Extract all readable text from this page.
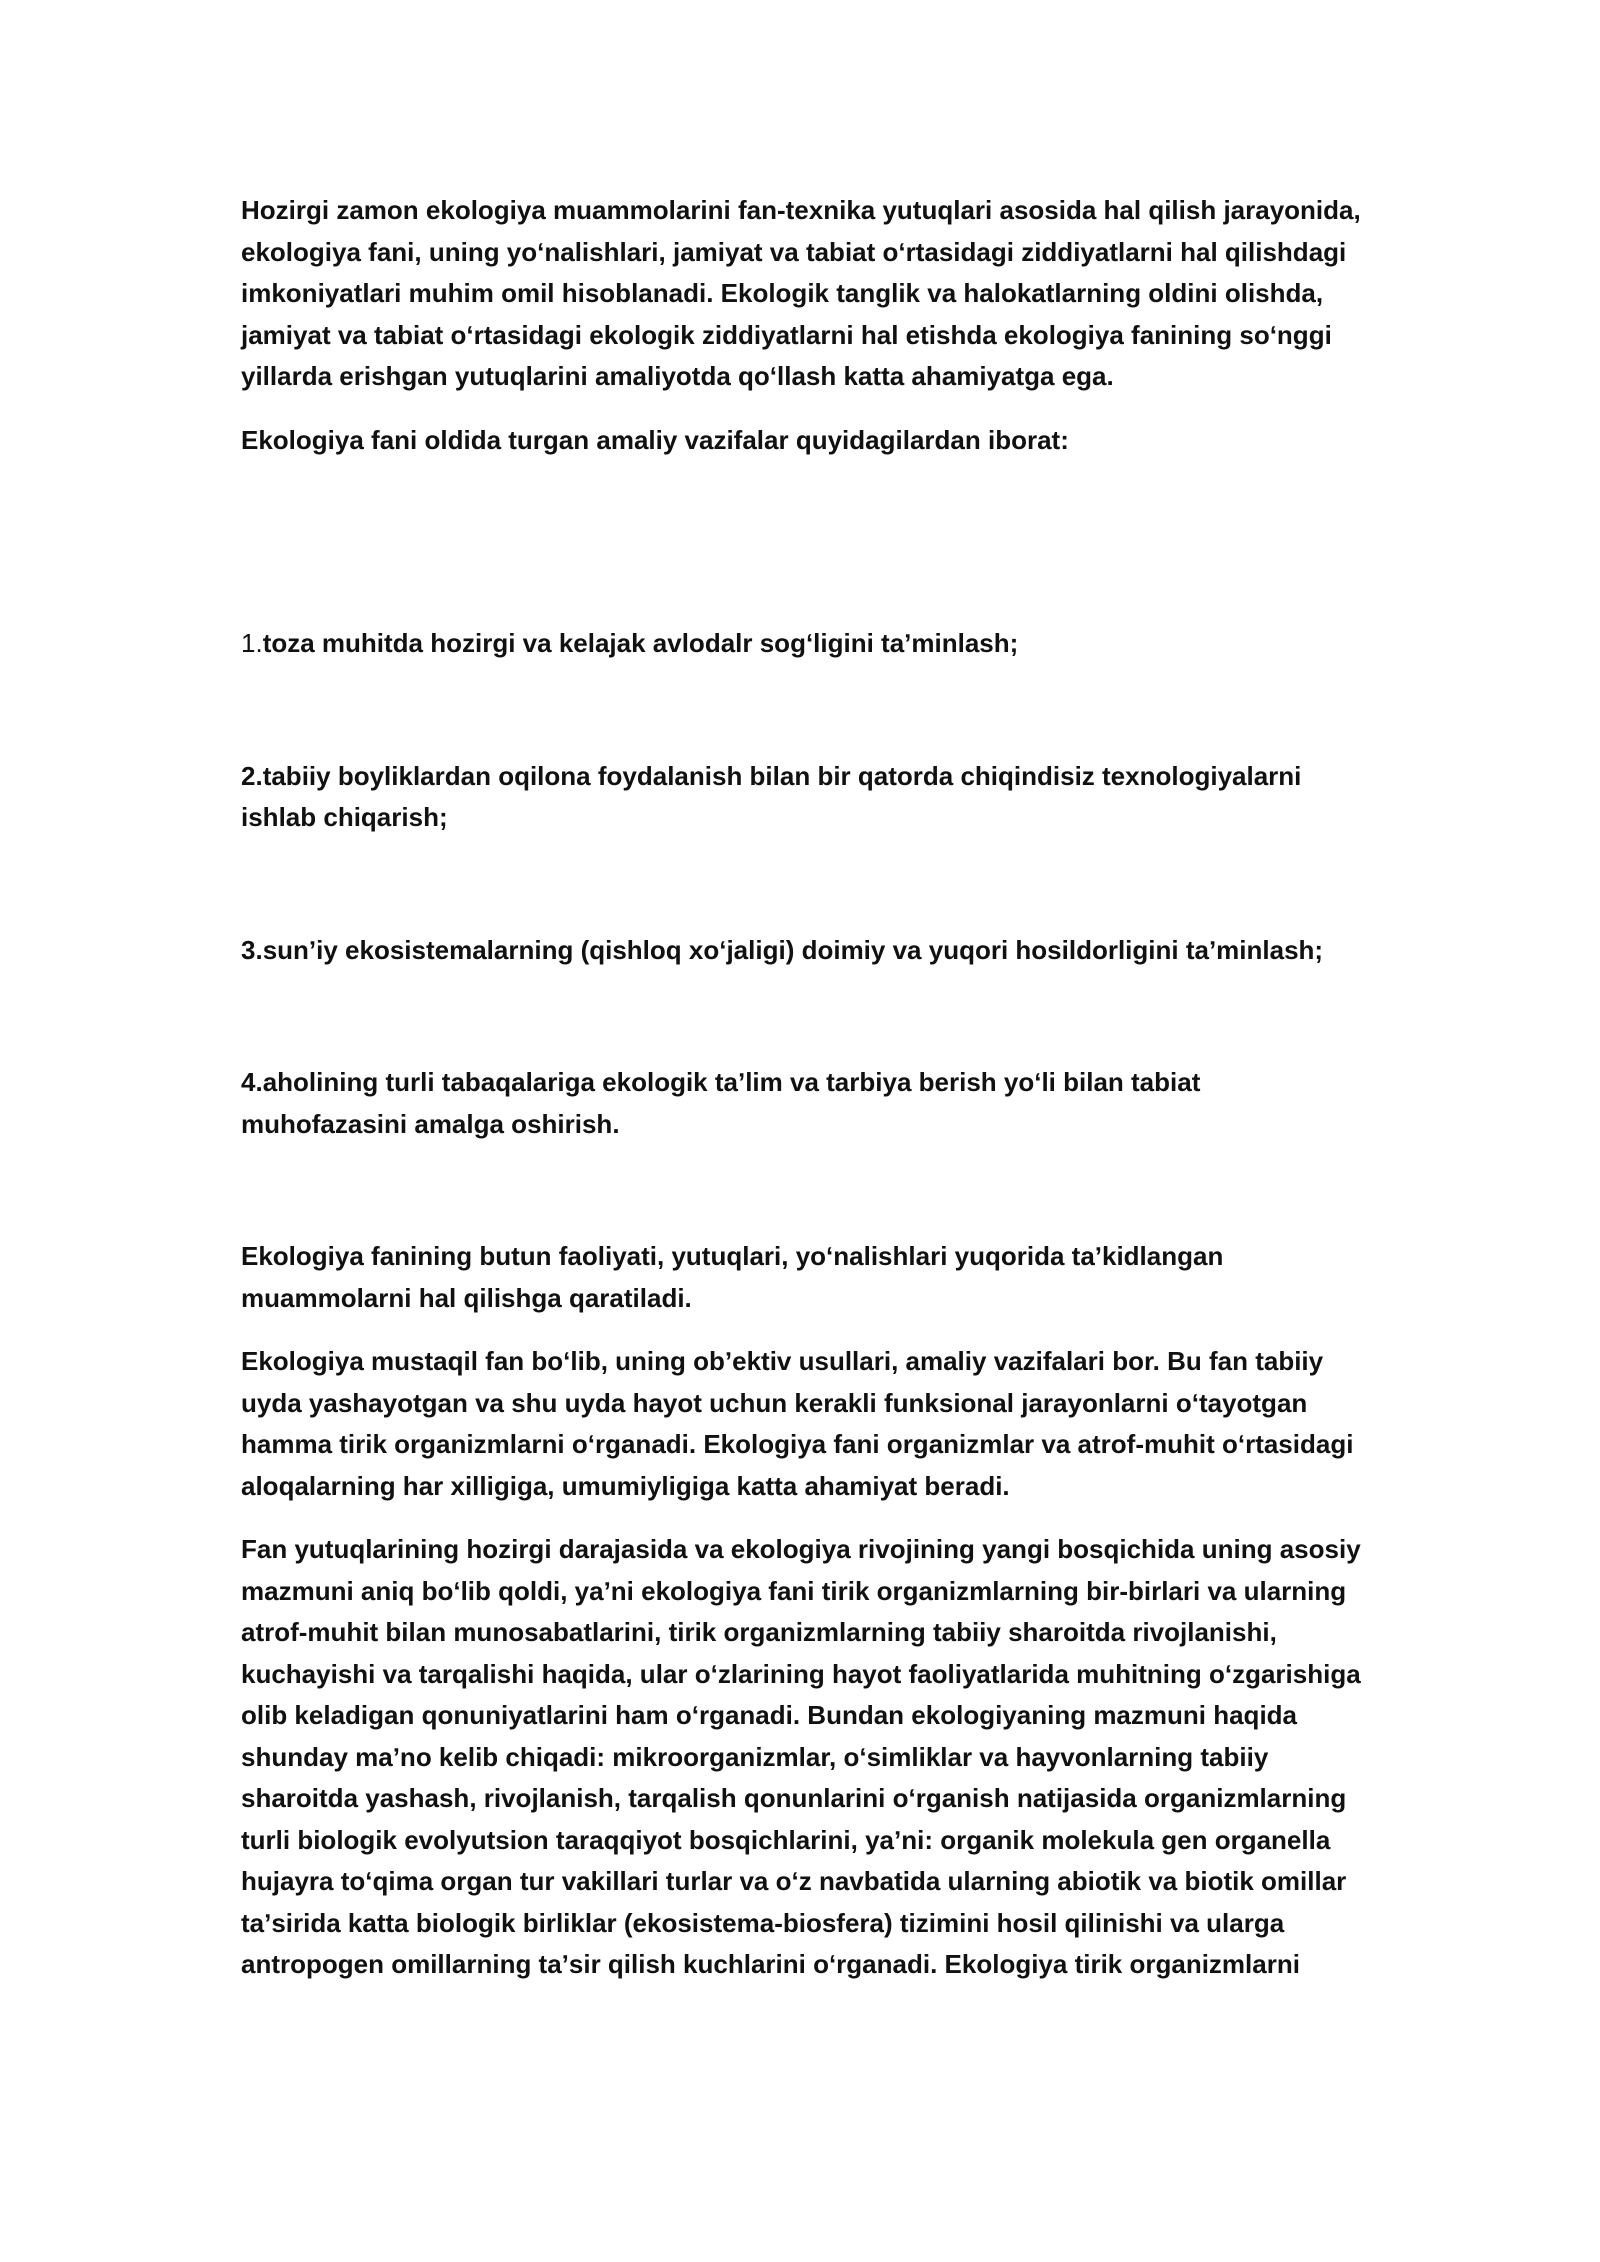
Hozirgi zamon ekologiya muammolarini fan-texnika yutuqlari asosida hal qilish jarayonida, ekologiya fani, uning yoʻnalishlari, jamiyat va tabiat oʻrtasidagi ziddiyatlarni hal qilishdagi imkoniyatlari muhim omil hisoblanadi. Ekologik tanglik va halokatlarning oldini olishda, jamiyat va tabiat oʻrtasidagi ekologik ziddiyatlarni hal etishda ekologiya fanining soʻnggi yillarda erishgan yutuqlarini amaliyotda qoʻllash katta ahamiyatga ega.

Ekologiya fani oldida turgan amaliy vazifalar quyidagilardan iborat:

1.toza muhitda hozirgi va kelajak avlodalr sogʻligini taʼminlash;

2.tabiiy boyliklardan oqilona foydalanish bilan bir qatorda chiqindisiz texnologiyalarni ishlab chiqarish;

3.sunʼiy ekosistemalarning (qishloq xoʻjaligi) doimiy va yuqori hosildorligini taʼminlash;

4.aholining turli tabaqalariga ekologik taʼlim va tarbiya berish yoʻli bilan tabiat muhofazasini amalga oshirish.

Ekologiya fanining butun faoliyati, yutuqlari, yoʻnalishlari yuqorida taʼkidlangan muammolarni hal qilishga qaratiladi.

Ekologiya mustaqil fan boʻlib, uning obʼektiv usullari, amaliy vazifalari bor. Bu fan tabiiy uyda yashayotgan va shu uyda hayot uchun kerakli funksional jarayonlarni oʻtayotgan hamma tirik organizmlarni oʻrganadi. Ekologiya fani organizmlar va atrof-muhit oʻrtasidagi aloqalarning har xilligiga, umumiyligiga katta ahamiyat beradi.

Fan yutuqlarining hozirgi darajasida va ekologiya rivojining yangi bosqichida uning asosiy mazmuni aniq boʻlib qoldi, yaʼni ekologiya fani tirik organizmlarning bir-birlari va ularning atrof-muhit bilan munosabatlarini, tirik organizmlarning tabiiy sharoitda rivojlanishi, kuchayishi va tarqalishi haqida, ular oʻzlarining hayot faoliyatlarida muhitning oʻzgarishiga olib keladigan qonuniyatlarini ham oʻrganadi. Bundan ekologiyaning mazmuni haqida shunday maʼno kelib chiqadi: mikroorganizmlar, oʻsimliklar va hayvonlarning tabiiy sharoitda yashash, rivojlanish, tarqalish qonunlarini oʻrganish natijasida organizmlarning turli biologik evolyutsion taraqqiyot bosqichlarini, yaʼni: organik molekula gen organella hujayra toʻqima organ tur vakillari turlar va oʻz navbatida ularning abiotik va biotik omillar taʼsirida katta biologik birliklar (ekosistema-biosfera) tizimini hosil qilinishi va ularga antropogen omillarning taʼsir qilish kuchlarini oʻrganadi. Ekologiya tirik organizmlarni
